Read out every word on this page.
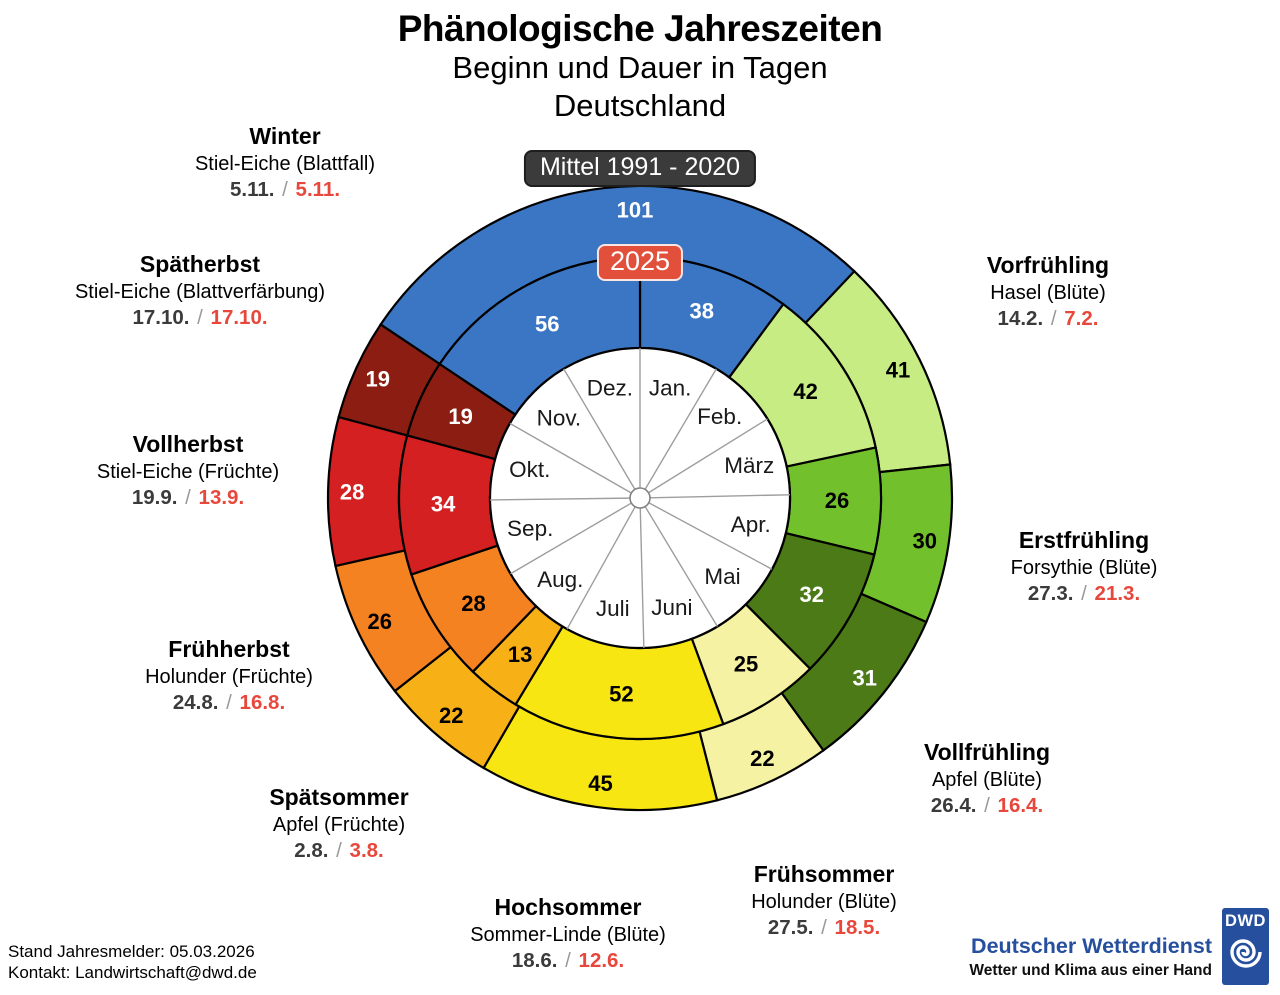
Phänologische Jahreszeiten
Beginn und Dauer in Tagen
Deutschland
Jan.
Feb.
März
Apr.
Mai
Juni
Juli
Aug.
Sep.
Okt.
Nov.
Dez.
101
41
30
31
22
45
22
26
28
19
38
42
26
32
25
52
13
28
34
19
56
Mittel 1991 - 2020
2025	Vorfrühling
Hasel (Blüte)
14.2. / 7.2.
Erstfrühling
Forsythie (Blüte)
27.3. / 21.3.
Vollfrühling
Apfel (Blüte)
26.4. / 16.4.
Frühsommer
Holunder (Blüte)
27.5. / 18.5.
Hochsommer
Sommer-Linde (Blüte)
18.6. / 12.6.
Spätsommer
Apfel (Früchte)
2.8. / 3.8.
Frühherbst
Holunder (Früchte)
24.8. / 16.8.
Vollherbst
Stiel-Eiche (Früchte)
19.9. / 13.9.
Spätherbst
Stiel-Eiche (Blattverfärbung)
17.10. / 17.10.
Winter
Stiel-Eiche (Blattfall)
5.11. / 5.11.
Stand Jahresmelder: 05.03.2026
Kontakt: Landwirtschaft@dwd.de
Deutscher Wetterdienst
Wetter und Klima aus einer Hand
DWD
